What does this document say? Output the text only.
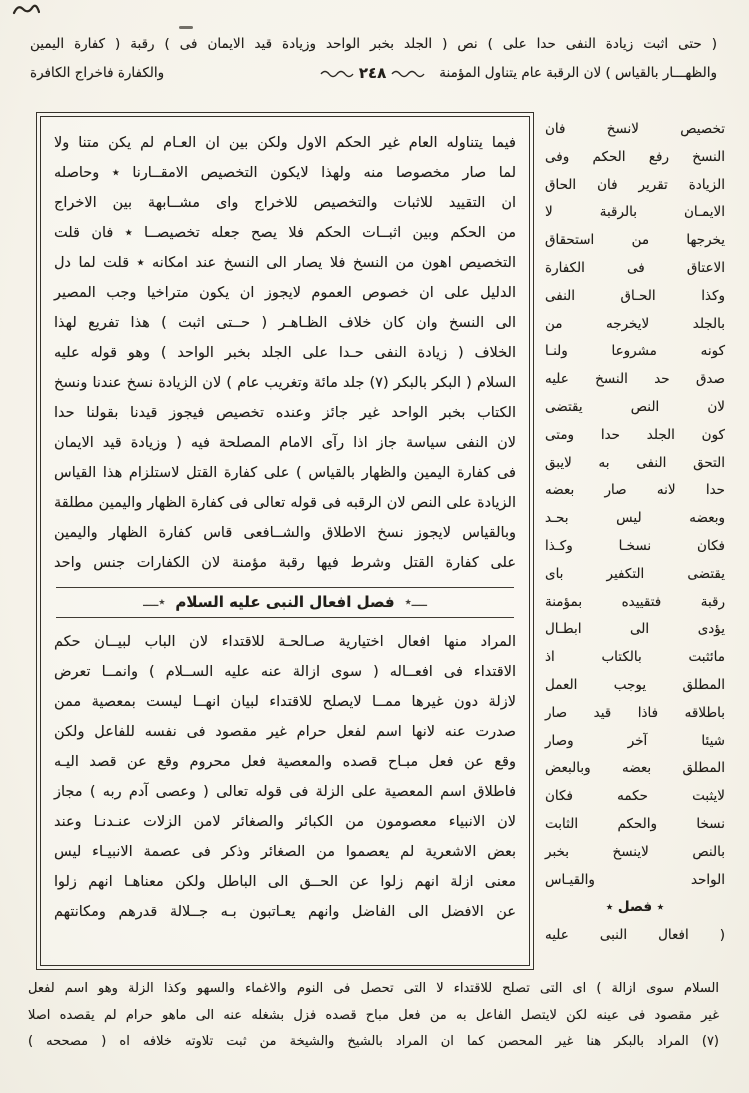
( حتى اثبت زيادة النفى حدا على ) نص ( الجلد بخبر الواحد وزيادة قيد الايمان فى ) رقبة ( كفارة اليمين
والظهـــار بالقياس ) لان الرقبة عام يتناول المؤمنة
٢٤٨
والكفارة فاخراج الكافرة
تخصيص لانسخ فان
النسخ رفع الحكم وفى
الزيادة تقرير فان الحاق
الايمـان بالرقبة لا
يخرجها من استحقاق
الاعتاق فى الكفارة
وكذا الحـاق النفى
بالجلد لايخرجه من
كونه مشروعا ولنـا
صدق حد النسخ عليه
لان النص يقتضى
كون الجلد حدا ومتى
التحق النفى به لايبق
حدا لانه صار بعضه
وبعضه ليس بحـد
فكان نسخـا وكـذا
يقتضى التكفير باى
رقبة فتقييده بمؤمنة
يؤدى الى ابطـال
مائثبت بالكتاب اذ
المطلق يوجب العمل
باطلاقه فاذا قيد صار
شيئا آخر وصار
المطلق بعضه وبالبعض
لايثبت حكمه فكان
نسخا والحكم الثابت
بالنص لاينسخ بخبر
الواحد والقيـاس
٭ فصل ٭
( افعال النبى عليه
فيما يتناوله العام غير الحكم الاول ولكن بين ان العـام لم يكن متنا ولا
لما صار مخصوصا منه ولهذا لايكون التخصيص الامقــارنا ٭ وحاصله
ان التقييد للاثبات والتخصيص للاخراج واى مشــابهة بين الاخراج
من الحكم وبين اثبــات الحكم فلا يصح جعله تخصيصــا ٭ فان قلت
التخصيص اهون من النسخ فلا يصار الى النسخ عند امكانه ٭ قلت لما دل
الدليل على ان خصوص العموم لايجوز ان يكون متراخيا وجب المصير
الى النسخ وان كان خلاف الظـاهـر ( حــتى اثبت ) هذا تفريع لهذا
الخلاف ( زيادة النفى حـدا على الجلد بخبر الواحد ) وهو قوله عليه
السلام ( البكر بالبكر (٧) جلد مائة وتغريب عام ) لان الزيادة نسخ عندنا ونسخ
الكتاب بخبر الواحد غير جائز وعنده تخصيص فيجوز قيدنا بقولنا حدا
لان النفى سياسة جاز اذا رآى الامام المصلحة فيه ( وزيادة قيد الايمان
فى كفارة اليمين والظهار بالقياس ) على كفارة القتل لاستلزام هذا القياس
الزيادة على النص لان الرقبه فى قوله تعالى فى كفارة الظهار واليمين مطلقة
وبالقياس لايجوز نسخ الاطلاق والشــافعى قاس كفارة الظهار واليمين
على كفارة القتل وشرط فيها رقبة مؤمنة لان الكفارات جنس واحد
ــــ٭
فصل افعال النبى عليه السلام
٭ــــ
المراد منها افعال اختيارية صـالحـة للاقتداء لان الباب لبيــان حكم
الاقتداء فى افعــاله ( سوى ازالة عنه عليه الســلام ) وانمــا تعرض
لازلة دون غيرها ممــا لايصلح للاقتداء لبيان انهــا ليست بمعصية ممن
صدرت عنه لانها اسم لفعل حرام غير مقصود فى نفسه للفاعل ولكن
وقع عن فعل مبـاح قصده والمعصية فعل محروم وقع عن قصد اليـه
فاطلاق اسم المعصية على الزلة فى قوله تعالى ( وعصى آدم ربه ) مجاز
لان الانبياء معصومون من الكبائر والصغائر لامن الزلات عنـدنـا وعند
بعض الاشعرية لم يعصموا من الصغائر وذكر فى عصمة الانبيـاء ليس
معنى ازلة انهم زلوا عن الحــق الى الباطل ولكن معناهـا انهم زلوا
عن الافضل الى الفاضل وانهم يعـاتبون بـه جــلالة قدرهم ومكانتهم
السلام سوى ازالة ) اى التى تصلح للاقتداء لا التى تحصل فى النوم والاغماء والسهو وكذا الزلة وهو اسم لفعل
غير مقصود فى عينه لكن لايتصل الفاعل به من فعل مباح قصده فزل بشغله عنه الى ماهو حرام لم يقصده اصلا
(٧) المراد بالبكر هنا غير المحصن كما ان المراد بالشيخ والشيخة من ثبت تلاوته خلافه اه ( مصححه )
